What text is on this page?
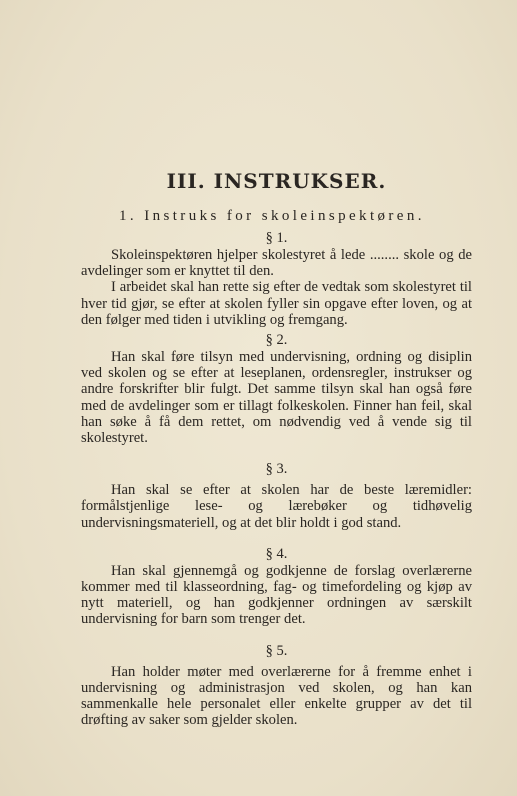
III. INSTRUKSER.
1. Instruks for skoleinspektøren.
§ 1.

Skoleinspektøren hjelper skolestyret å lede ........ skole og de avdelinger som er knyttet til den.

I arbeidet skal han rette sig efter de vedtak som skolestyret til hver tid gjør, se efter at skolen fyller sin opgave efter loven, og at den følger med tiden i utvikling og fremgang.

§ 2.

Han skal føre tilsyn med undervisning, ordning og disiplin ved skolen og se efter at leseplanen, ordensregler, instrukser og andre forskrifter blir fulgt. Det samme tilsyn skal han også føre med de avdelinger som er tillagt folkeskolen. Finner han feil, skal han søke å få dem rettet, om nødvendig ved å vende sig til skolestyret.

§ 3.

Han skal se efter at skolen har de beste læremidler: formålstjenlige lese- og lærebøker og tidhøvelig undervisningsmateriell, og at det blir holdt i god stand.

§ 4.

Han skal gjennemgå og godkjenne de forslag overlærerne kommer med til klasseordning, fag- og timefordeling og kjøp av nytt materiell, og han godkjenner ordningen av særskilt undervisning for barn som trenger det.

§ 5.

Han holder møter med overlærerne for å fremme enhet i undervisning og administrasjon ved skolen, og han kan sammenkalle hele personalet eller enkelte grupper av det til drøfting av saker som gjelder skolen.
